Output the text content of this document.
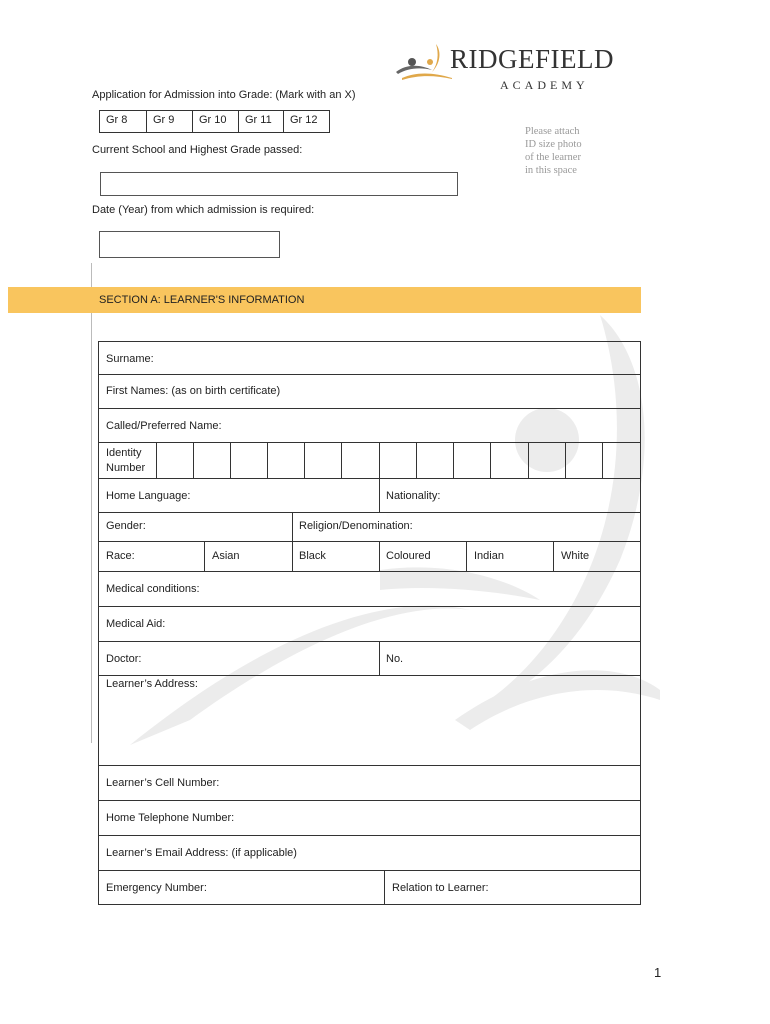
RIDGEFIELD
ACADEMY
Application for Admission into Grade: (Mark with an X)
Gr 8	Gr 9	Gr 10	Gr 11	Gr 12
Please attach
ID size photo
of the learner
in this space
Current School and Highest Grade passed:
Date (Year) from which admission is required:
SECTION A: LEARNER'S INFORMATION
Surname:
First Names: (as on birth certificate)
Called/Preferred Name:
Identity
Number
Home Language:	Nationality:
Gender:	Religion/Denomination:
Race:	Asian	Black	Coloured	Indian	White
Medical conditions:
Medical Aid:
Doctor:	No.
Learner’s Address:
Learner’s Cell Number:
Home Telephone Number:
Learner’s Email Address: (if applicable)
Emergency Number:	Relation to Learner:
1
